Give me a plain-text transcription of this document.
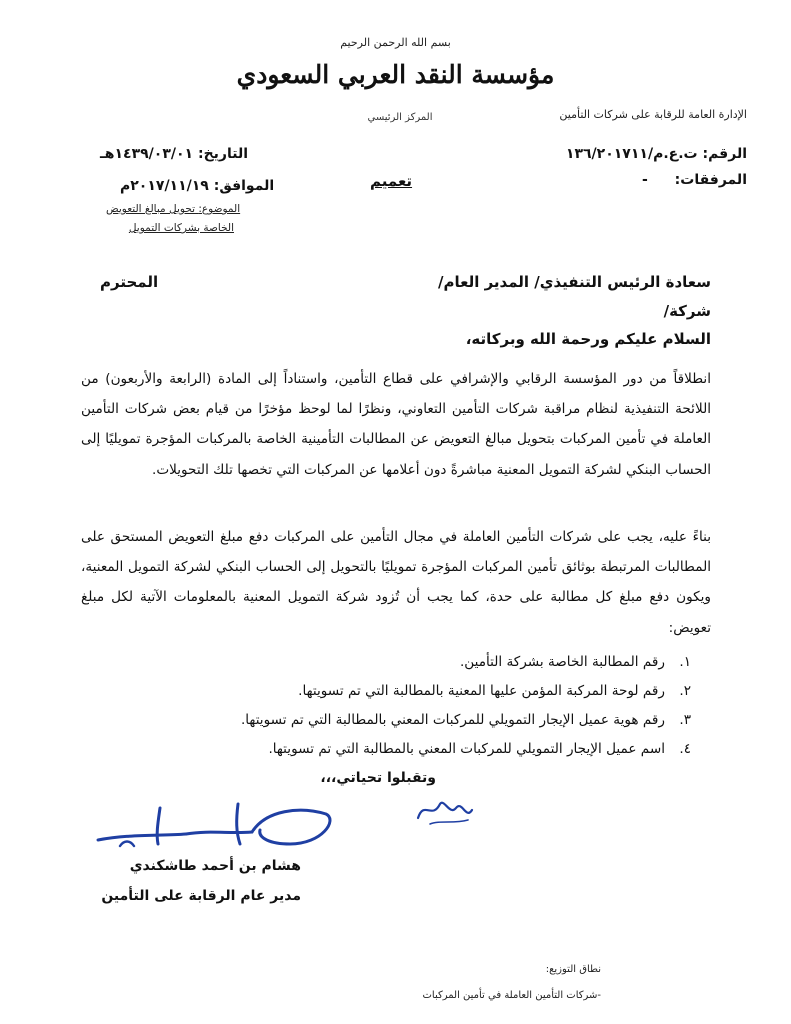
بسم الله الرحمن الرحيم
مؤسسة النقد العربي السعودي
المركز الرئيسي	الإدارة العامة للرقابة على شركات التأمين
الرقم: ت.ع.م/١٣٦/٢٠١٧١١
المرفقات: -
تعميم
التاريخ: ١٤٣٩/٠٣/٠١هـ
الموافق: ٢٠١٧/١١/١٩م
الموضوع: تحويل مبالغ التعويض
الخاصة بشركات التمويل
سعادة الرئيس التنفيذي/ المدير العام/
المحترم
شركة/
السلام عليكم ورحمة الله وبركاته،
انطلاقاً من دور المؤسسة الرقابي والإشرافي على قطاع التأمين، واستناداً إلى المادة (الرابعة والأربعون) من اللائحة التنفيذية لنظام مراقبة شركات التأمين التعاوني، ونظرًا لما لوحظ مؤخرًا من قيام بعض شركات التأمين العاملة في تأمين المركبات بتحويل مبالغ التعويض عن المطالبات التأمينية الخاصة بالمركبات المؤجرة تمويليًا إلى الحساب البنكي لشركة التمويل المعنية مباشرةً دون أعلامها عن المركبات التي تخصها تلك التحويلات.
بناءً عليه، يجب على شركات التأمين العاملة في مجال التأمين على المركبات دفع مبلغ التعويض المستحق على المطالبات المرتبطة بوثائق تأمين المركبات المؤجرة تمويليًا بالتحويل إلى الحساب البنكي لشركة التمويل المعنية، ويكون دفع مبلغ كل مطالبة على حدة، كما يجب أن تُزود شركة التمويل المعنية بالمعلومات الآتية لكل مبلغ تعويض:
١.رقم المطالبة الخاصة بشركة التأمين.
٢.رقم لوحة المركبة المؤمن عليها المعنية بالمطالبة التي تم تسويتها.
٣.رقم هوية عميل الإيجار التمويلي للمركبات المعني بالمطالبة التي تم تسويتها.
٤.اسم عميل الإيجار التمويلي للمركبات المعني بالمطالبة التي تم تسويتها.
وتقبلوا تحياتي،،،
هشام بن أحمد طاشكندي
مدير عام الرقابة على التأمين
نطاق التوزيع:
-شركات التأمين العاملة في تأمين المركبات
